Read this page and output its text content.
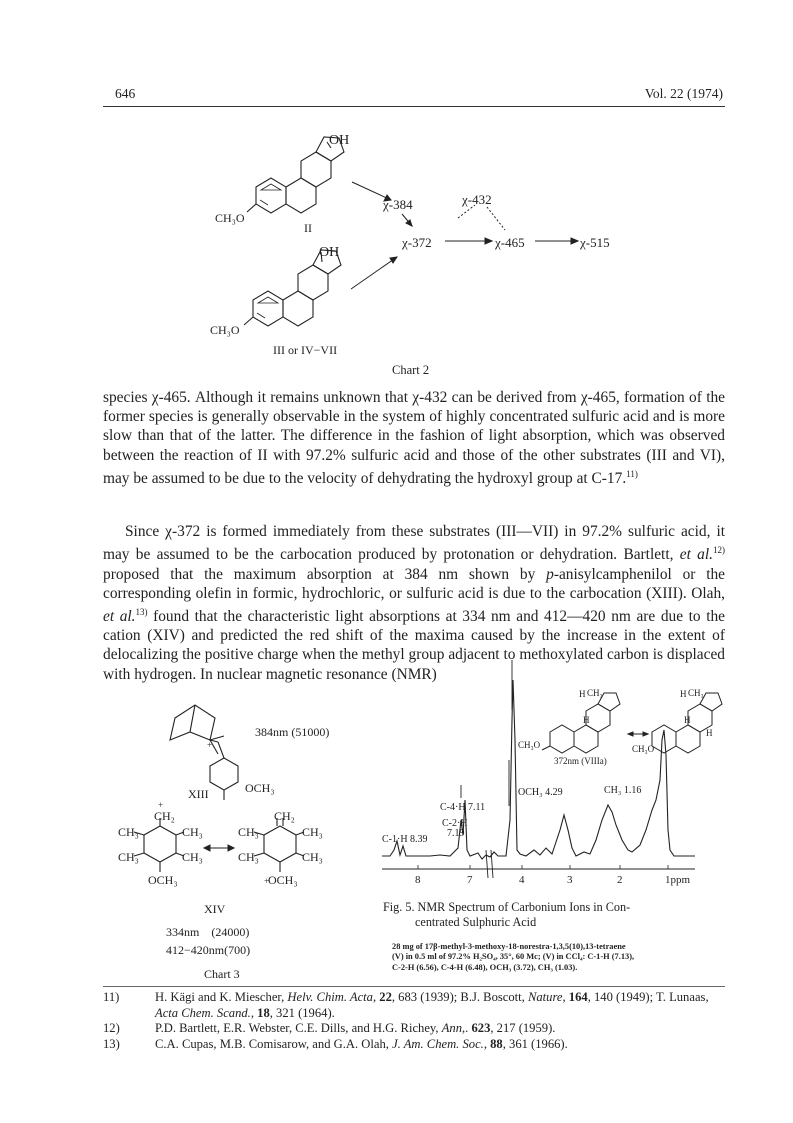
646	Vol. 22 (1974)
OH
CH₃O
II
OH
CH₃O
III or IV−VII
χ-384	χ-432
χ-372	χ-465	χ-515
Chart 2

species χ-465. Although it remains unknown that χ-432 can be derived from χ-465, formation of the former species is generally observable in the system of highly concentrated sulfuric acid and is more slow than that of the latter. The difference in the fashion of light absorption, which was observed between the reaction of II with 97.2% sulfuric acid and those of the other substrates (III and VI), may be assumed to be due to the velocity of dehydrating the hydroxyl group at C-17.$^{11)}$

Since χ-372 is formed immediately from these substrates (III—VII) in 97.2% sulfuric acid, it may be assumed to be the carbocation produced by protonation or dehydration. Bartlett, et al.$^{12)}$ proposed that the maximum absorption at 384 nm shown by p-anisylcamphenilol or the corresponding olefin in formic, hydrochloric, or sulfuric acid is due to the carbocation (XIII). Olah, et al.$^{13)}$ found that the characteristic light absorptions at 334 nm and 412—420 nm are due to the cation (XIV) and predicted the red shift of the maxima caused by the increase in the extent of delocalizing the positive charge when the methyl group adjacent to methoxylated carbon is displaced with hydrogen. In nuclear magnetic resonance (NMR)

+
384nm (51000)
OCH₃
XIII
+
CH₂
CH₃	CH₃
CH₃	CH₃
OCH₃
CH₂
CH₃	CH₃
CH₃	CH₃
OCH₃
+
XIV
334nm    (24000)
412−420nm(700)
Chart 3
C-1·H 8.39
C-4·H 7.11
C-2·H
7.19
OCH₃ 4.29	CH₃ 1.16
8	7	4	3	2	1ppm
H CH₃
H
CH₃O
H CH₃
H
H
CH₃O
372nm (VIIIa)
Fig. 5. NMR Spectrum of Carbonium Ions in Con-
centrated Sulphuric Acid
28 mg of 17β-methyl-3-methoxy-18-norestra-1,3,5(10),13-tetraene
(V) in 0.5 ml of 97.2% H₂SO₄, 35°, 60 Mc; (V) in CCl₄: C-1-H (7.13),
C-2-H (6.56), C-4-H (6.48), OCH₃ (3.72), CH₃ (1.03).
11)	H. Kägi and K. Miescher, Helv. Chim. Acta, 22, 683 (1939); B.J. Boscott, Nature, 164, 140 (1949); T. Lunaas, Acta Chem. Scand., 18, 321 (1964).
12)	P.D. Bartlett, E.R. Webster, C.E. Dills, and H.G. Richey, Ann,. 623, 217 (1959).
13)	C.A. Cupas, M.B. Comisarow, and G.A. Olah, J. Am. Chem. Soc., 88, 361 (1966).
